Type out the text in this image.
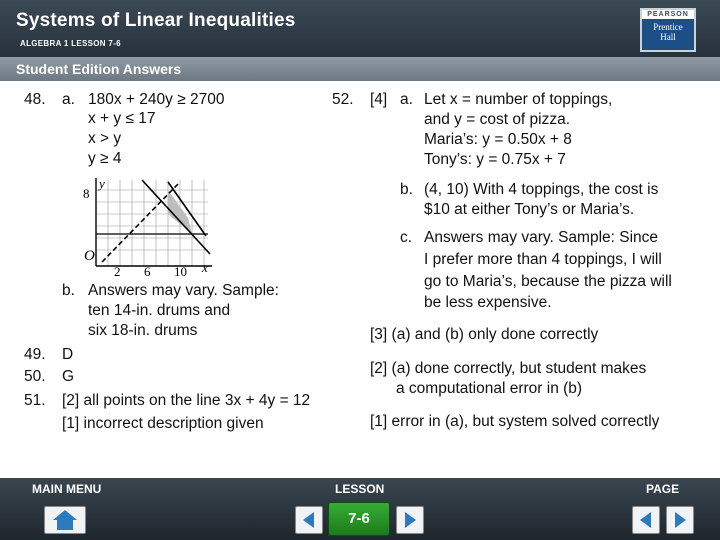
Systems of Linear Inequalities
ALGEBRA 1 LESSON 7-6
PEARSON
Prentice
Hall
Student Edition Answers
48. a. 180x + 240y ≥ 2700
x + y ≤ 17
x > y
y ≥ 4
y
8
O
2 6 10 x
b. Answers may vary. Sample:
ten 14-in. drums and
six 18-in. drums
49. D
50. G
51. [2] all points on the line 3x + 4y = 12
[1] incorrect description given
52. [4] a. Let x = number of toppings,
and y = cost of pizza.
Maria’s: y = 0.50x + 8
Tony’s: y = 0.75x + 7
b. (4, 10) With 4 toppings, the cost is
$10 at either Tony’s or Maria’s.
c. Answers may vary. Sample: Since
I prefer more than 4 toppings, I will
go to Maria’s, because the pizza will
be less expensive.
[3] (a) and (b) only done correctly
[2] (a) done correctly, but student makes
a computational error in (b)
[1] error in (a), but system solved correctly
MAIN MENU	LESSON	PAGE
7-6
